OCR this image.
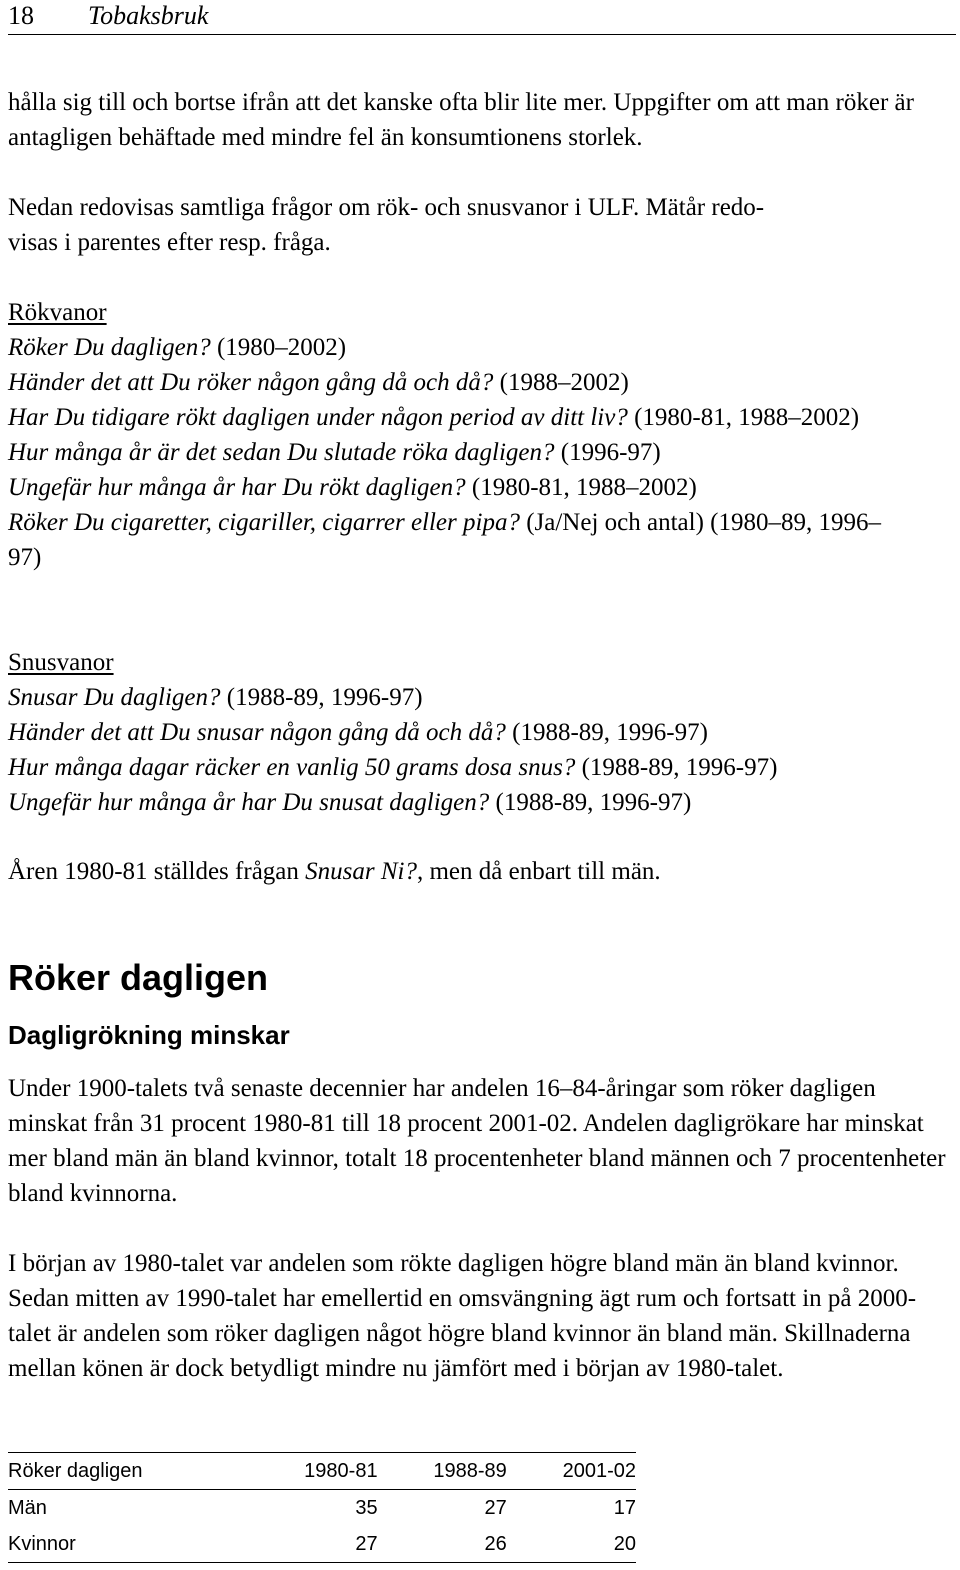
18 Tobaksbruk

hålla sig till och bortse ifrån att det kanske ofta blir lite mer. Uppgifter om att man röker är antagligen behäftade med mindre fel än konsumtionens storlek.

Nedan redovisas samtliga frågor om rök- och snusvanor i ULF. Mätår redo-

visas i parentes efter resp. fråga.

Rökvanor
Röker Du dagligen? (1980–2002)
Händer det att Du röker någon gång då och då? (1988–2002)
Har Du tidigare rökt dagligen under någon period av ditt liv? (1980-81, 1988–2002)
Hur många år är det sedan Du slutade röka dagligen? (1996-97)
Ungefär hur många år har Du rökt dagligen? (1980-81, 1988–2002)
Röker Du cigaretter, cigariller, cigarrer eller pipa? (Ja/Nej och antal) (1980–89, 1996–97)
Snusvanor
Snusar Du dagligen? (1988-89, 1996-97)
Händer det att Du snusar någon gång då och då? (1988-89, 1996-97)
Hur många dagar räcker en vanlig 50 grams dosa snus? (1988-89, 1996-97)
Ungefär hur många år har Du snusat dagligen? (1988-89, 1996-97)
Åren 1980-81 ställdes frågan Snusar Ni?, men då enbart till män.
Röker dagligen
Dagligrökning minskar

Under 1900-talets två senaste decennier har andelen 16–84-åringar som röker dagligen minskat från 31 procent 1980-81 till 18 procent 2001-02. Andelen dagligrökare har minskat mer bland män än bland kvinnor, totalt 18 procentenheter bland männen och 7 procentenheter bland kvinnorna.

I början av 1980-talet var andelen som rökte dagligen högre bland män än bland kvinnor. Sedan mitten av 1990-talet har emellertid en omsvängning ägt rum och fortsatt in på 2000-talet är andelen som röker dagligen något högre bland kvinnor än bland män. Skillnaderna mellan könen är dock betydligt mindre nu jämfört med i början av 1980-talet.

Röker dagligen	1980-81	1988-89	2001-02
Män	35	27	17
Kvinnor	27	26	20
